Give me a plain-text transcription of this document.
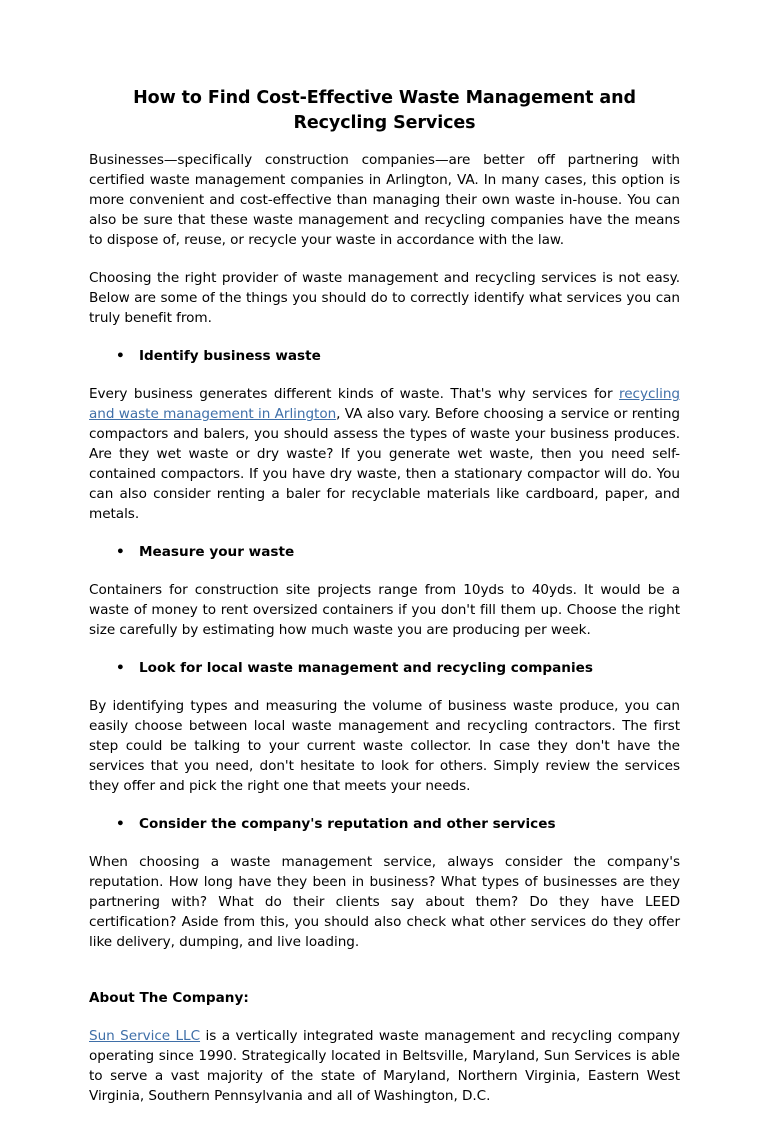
How to Find Cost-Effective Waste Management and Recycling Services

Businesses—specifically construction companies—are better off partnering with certified waste management companies in Arlington, VA. In many cases, this option is more convenient and cost-effective than managing their own waste in-house. You can also be sure that these waste management and recycling companies have the means to dispose of, reuse, or recycle your waste in accordance with the law.

Choosing the right provider of waste management and recycling services is not easy. Below are some of the things you should do to correctly identify what services you can truly benefit from.

• Identify business waste

Every business generates different kinds of waste. That's why services for recycling and waste management in Arlington, VA also vary. Before choosing a service or renting compactors and balers, you should assess the types of waste your business produces. Are they wet waste or dry waste? If you generate wet waste, then you need self-contained compactors. If you have dry waste, then a stationary compactor will do. You can also consider renting a baler for recyclable materials like cardboard, paper, and metals.

• Measure your waste

Containers for construction site projects range from 10yds to 40yds. It would be a waste of money to rent oversized containers if you don't fill them up. Choose the right size carefully by estimating how much waste you are producing per week.

• Look for local waste management and recycling companies

By identifying types and measuring the volume of business waste produce, you can easily choose between local waste management and recycling contractors. The first step could be talking to your current waste collector. In case they don't have the services that you need, don't hesitate to look for others. Simply review the services they offer and pick the right one that meets your needs.

• Consider the company's reputation and other services

When choosing a waste management service, always consider the company's reputation. How long have they been in business? What types of businesses are they partnering with? What do their clients say about them? Do they have LEED certification? Aside from this, you should also check what other services do they offer like delivery, dumping, and live loading.

About The Company:

Sun Service LLC is a vertically integrated waste management and recycling company operating since 1990. Strategically located in Beltsville, Maryland, Sun Services is able to serve a vast majority of the state of Maryland, Northern Virginia, Eastern West Virginia, Southern Pennsylvania and all of Washington, D.C.
